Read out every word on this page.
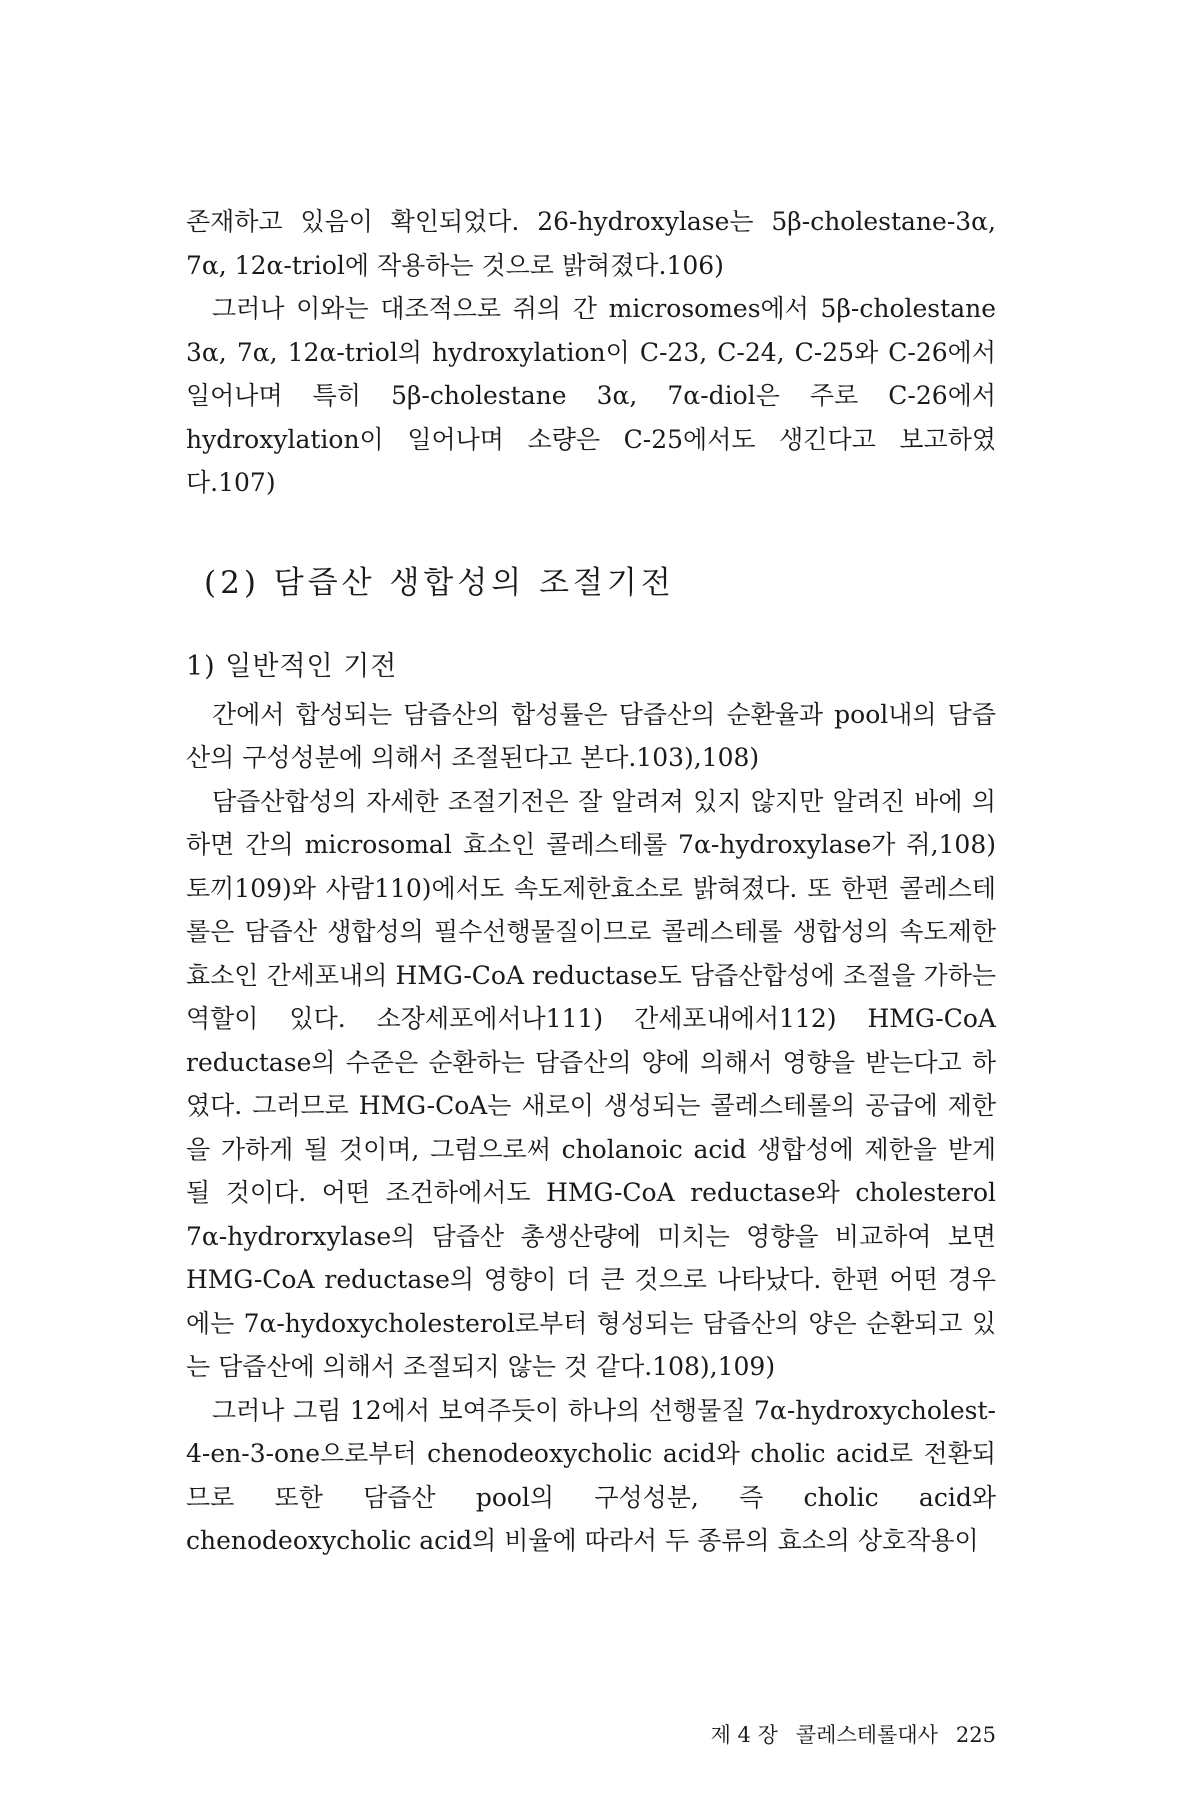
존재하고 있음이 확인되었다. 26-hydroxylase는 5β-cholestane-3α, 7α, 12α-triol에 작용하는 것으로 밝혀졌다.106)

그러나 이와는 대조적으로 쥐의 간 microsomes에서 5β-cholestane 3α, 7α, 12α-triol의 hydroxylation이 C-23, C-24, C-25와 C-26에서 일어나며 특히 5β-cholestane 3α, 7α-diol은 주로 C-26에서 hydroxylation이 일어나며 소량은 C-25에서도 생긴다고 보고하였다.107)

(2) 담즙산 생합성의 조절기전
1) 일반적인 기전

간에서 합성되는 담즙산의 합성률은 담즙산의 순환율과 pool내의 담즙산의 구성성분에 의해서 조절된다고 본다.103),108)

담즙산합성의 자세한 조절기전은 잘 알려져 있지 않지만 알려진 바에 의하면 간의 microsomal 효소인 콜레스테롤 7α-hydroxylase가 쥐,108) 토끼109)와 사람110)에서도 속도제한효소로 밝혀졌다. 또 한편 콜레스테롤은 담즙산 생합성의 필수선행물질이므로 콜레스테롤 생합성의 속도제한효소인 간세포내의 HMG-CoA reductase도 담즙산합성에 조절을 가하는 역할이 있다. 소장세포에서나111) 간세포내에서112) HMG-CoA reductase의 수준은 순환하는 담즙산의 양에 의해서 영향을 받는다고 하였다. 그러므로 HMG-CoA는 새로이 생성되는 콜레스테롤의 공급에 제한을 가하게 될 것이며, 그럼으로써 cholanoic acid 생합성에 제한을 받게 될 것이다. 어떤 조건하에서도 HMG-CoA reductase와 cholesterol 7α-hydrorxylase의 담즙산 총생산량에 미치는 영향을 비교하여 보면 HMG-CoA reductase의 영향이 더 큰 것으로 나타났다. 한편 어떤 경우에는 7α-hydoxycholesterol로부터 형성되는 담즙산의 양은 순환되고 있는 담즙산에 의해서 조절되지 않는 것 같다.108),109)

그러나 그림 12에서 보여주듯이 하나의 선행물질 7α-hydroxycholest-4-en-3-one으로부터 chenodeoxycholic acid와 cholic acid로 전환되므로 또한 담즙산 pool의 구성성분, 즉 cholic acid와 chenodeoxycholic acid의 비율에 따라서 두 종류의 효소의 상호작용이

제 4 장 콜레스테롤대사 225
